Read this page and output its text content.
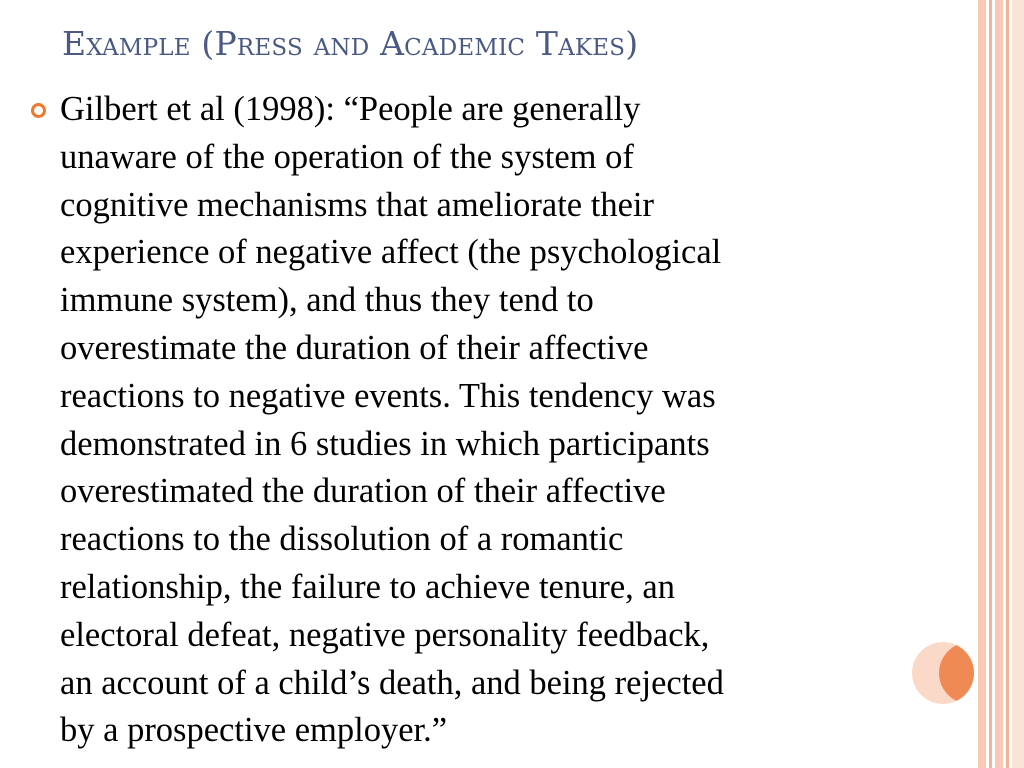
Example (Press and Academic Takes)

Gilbert et al (1998): “People are generally
unaware of the operation of the system of
cognitive mechanisms that ameliorate their
experience of negative affect (the psychological
immune system), and thus they tend to
overestimate the duration of their affective
reactions to negative events. This tendency was
demonstrated in 6 studies in which participants
overestimated the duration of their affective
reactions to the dissolution of a romantic
relationship, the failure to achieve tenure, an
electoral defeat, negative personality feedback,
an account of a child’s death, and being rejected
by a prospective employer.”
